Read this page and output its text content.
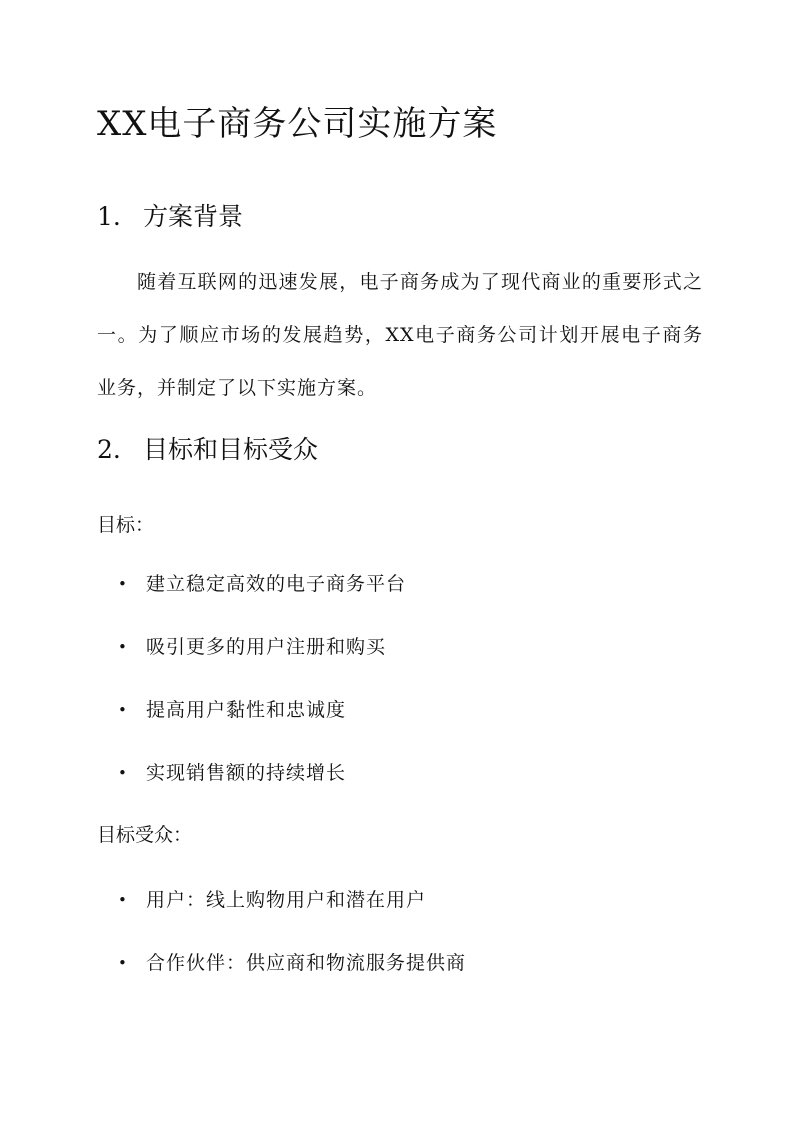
XX电子商务公司实施方案
1. 方案背景

随着互联网的迅速发展，电子商务成为了现代商业的重要形式之一。为了顺应市场的发展趋势，XX电子商务公司计划开展电子商务业务，并制定了以下实施方案。

2. 目标和目标受众

目标：

• 建立稳定高效的电子商务平台
• 吸引更多的用户注册和购买
• 提高用户黏性和忠诚度
• 实现销售额的持续增长

目标受众：

• 用户：线上购物用户和潜在用户
• 合作伙伴：供应商和物流服务提供商
